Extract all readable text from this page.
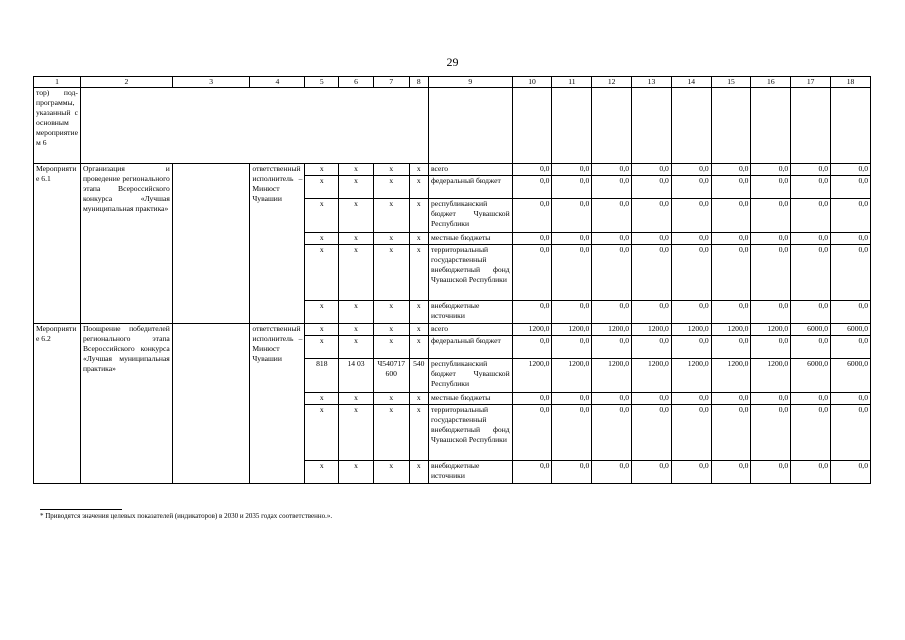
29
1	2	3	4	5	6	7	8	9	10	11	12	13	14	15	16	17	18
тор) под-программы, указанный с основным мероприятием 6																	
Мероприятие 6.1	Организация и проведение регионального этапа Всероссийского конкурса «Лучшая муниципальная практика»		ответственный исполнитель – Минюст Чувашии	x	x	x	x	всего	0,0	0,0	0,0	0,0	0,0	0,0	0,0	0,0	0,0
				x	x	x	x	федеральный бюджет	0,0	0,0	0,0	0,0	0,0	0,0	0,0	0,0	0,0
				x	x	x	x	республиканский бюджет Чувашской Республики	0,0	0,0	0,0	0,0	0,0	0,0	0,0	0,0	0,0
				x	x	x	x	местные бюджеты	0,0	0,0	0,0	0,0	0,0	0,0	0,0	0,0	0,0
				x	x	x	x	территориальный государственный внебюджетный фонд Чувашской Республики	0,0	0,0	0,0	0,0	0,0	0,0	0,0	0,0	0,0
				x	x	x	x	внебюджетные источники	0,0	0,0	0,0	0,0	0,0	0,0	0,0	0,0	0,0
Мероприятие 6.2	Поощрение победителей регионального этапа Всероссийского конкурса «Лучшая муниципальная практика»		ответственный исполнитель – Минюст Чувашии	x	x	x	x	всего	1200,0	1200,0	1200,0	1200,0	1200,0	1200,0	1200,0	6000,0	6000,0
				x	x	x	x	федеральный бюджет	0,0	0,0	0,0	0,0	0,0	0,0	0,0	0,0	0,0
				818	14 03	Ч540717600	540	республиканский бюджет Чувашской Республики	1200,0	1200,0	1200,0	1200,0	1200,0	1200,0	1200,0	6000,0	6000,0
				x	x	x	x	местные бюджеты	0,0	0,0	0,0	0,0	0,0	0,0	0,0	0,0	0,0
				x	x	x	x	территориальный государственный внебюджетный фонд Чувашской Республики	0,0	0,0	0,0	0,0	0,0	0,0	0,0	0,0	0,0
				x	x	x	x	внебюджетные источники	0,0	0,0	0,0	0,0	0,0	0,0	0,0	0,0	0,0
* Приводятся значения целевых показателей (индикаторов) в 2030 и 2035 годах соответственно.».
